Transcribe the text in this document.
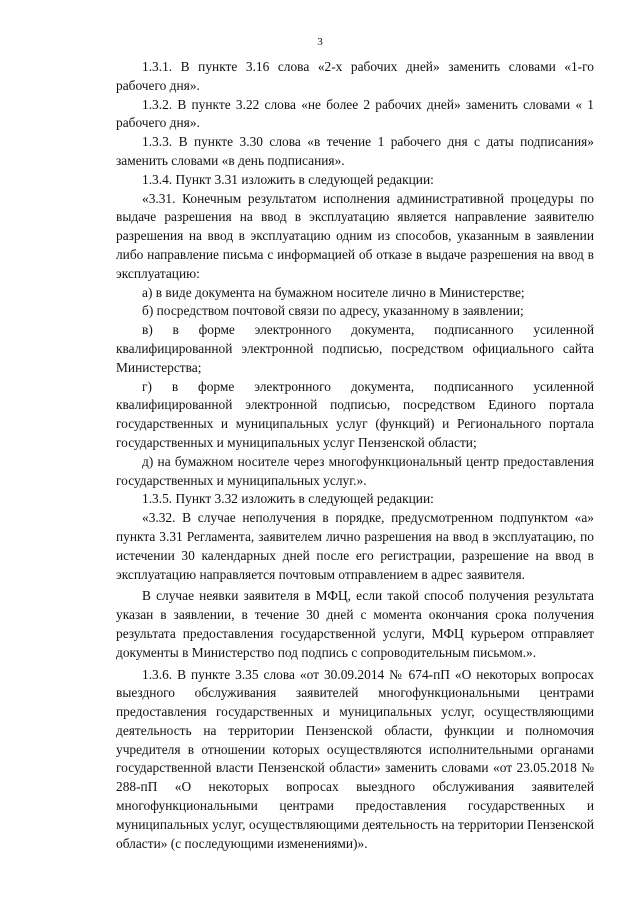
3

1.3.1. В пункте 3.16 слова «2-х рабочих дней» заменить словами «1-го рабочего дня».

1.3.2. В пункте 3.22 слова «не более 2 рабочих дней» заменить словами « 1 рабочего дня».

1.3.3. В пункте 3.30 слова «в течение 1 рабочего дня с даты подписания» заменить словами «в день подписания».

1.3.4. Пункт 3.31 изложить в следующей редакции:

«3.31. Конечным результатом исполнения административной процедуры по выдаче разрешения на ввод в эксплуатацию является направление заявителю разрешения на ввод в эксплуатацию одним из способов, указанным в заявлении либо направление письма с информацией об отказе в выдаче разрешения на ввод в эксплуатацию:

а) в виде документа на бумажном носителе лично в Министерстве;

б) посредством почтовой связи по адресу, указанному в заявлении;

в) в форме электронного документа, подписанного усиленной квалифицированной электронной подписью, посредством официального сайта Министерства;

г) в форме электронного документа, подписанного усиленной квалифицированной электронной подписью, посредством Единого портала государственных и муниципальных услуг (функций) и Регионального портала государственных и муниципальных услуг Пензенской области;

д) на бумажном носителе через многофункциональный центр предоставления государственных и муниципальных услуг.».

1.3.5. Пункт 3.32 изложить в следующей редакции:

«3.32. В случае неполучения в порядке, предусмотренном подпунктом «а» пункта 3.31 Регламента, заявителем лично разрешения на ввод в эксплуатацию, по истечении 30 календарных дней после его регистрации, разрешение на ввод в эксплуатацию направляется почтовым отправлением в адрес заявителя.

В случае неявки заявителя в МФЦ, если такой способ получения результата указан в заявлении, в течение 30 дней с момента окончания срока получения результата предоставления государственной услуги, МФЦ курьером отправляет документы в Министерство под подпись с сопроводительным письмом.».

1.3.6. В пункте 3.35 слова «от 30.09.2014 № 674-пП «О некоторых вопросах выездного обслуживания заявителей многофункциональными центрами предоставления государственных и муниципальных услуг, осуществляющими деятельность на территории Пензенской области, функции и полномочия учредителя в отношении которых осуществляются исполнительными органами государственной власти Пензенской области» заменить словами «от 23.05.2018 № 288-пП «О некоторых вопросах выездного обслуживания заявителей многофункциональными центрами предоставления государственных и муниципальных услуг, осуществляющими деятельность на территории Пензенской области» (с последующими изменениями)».
